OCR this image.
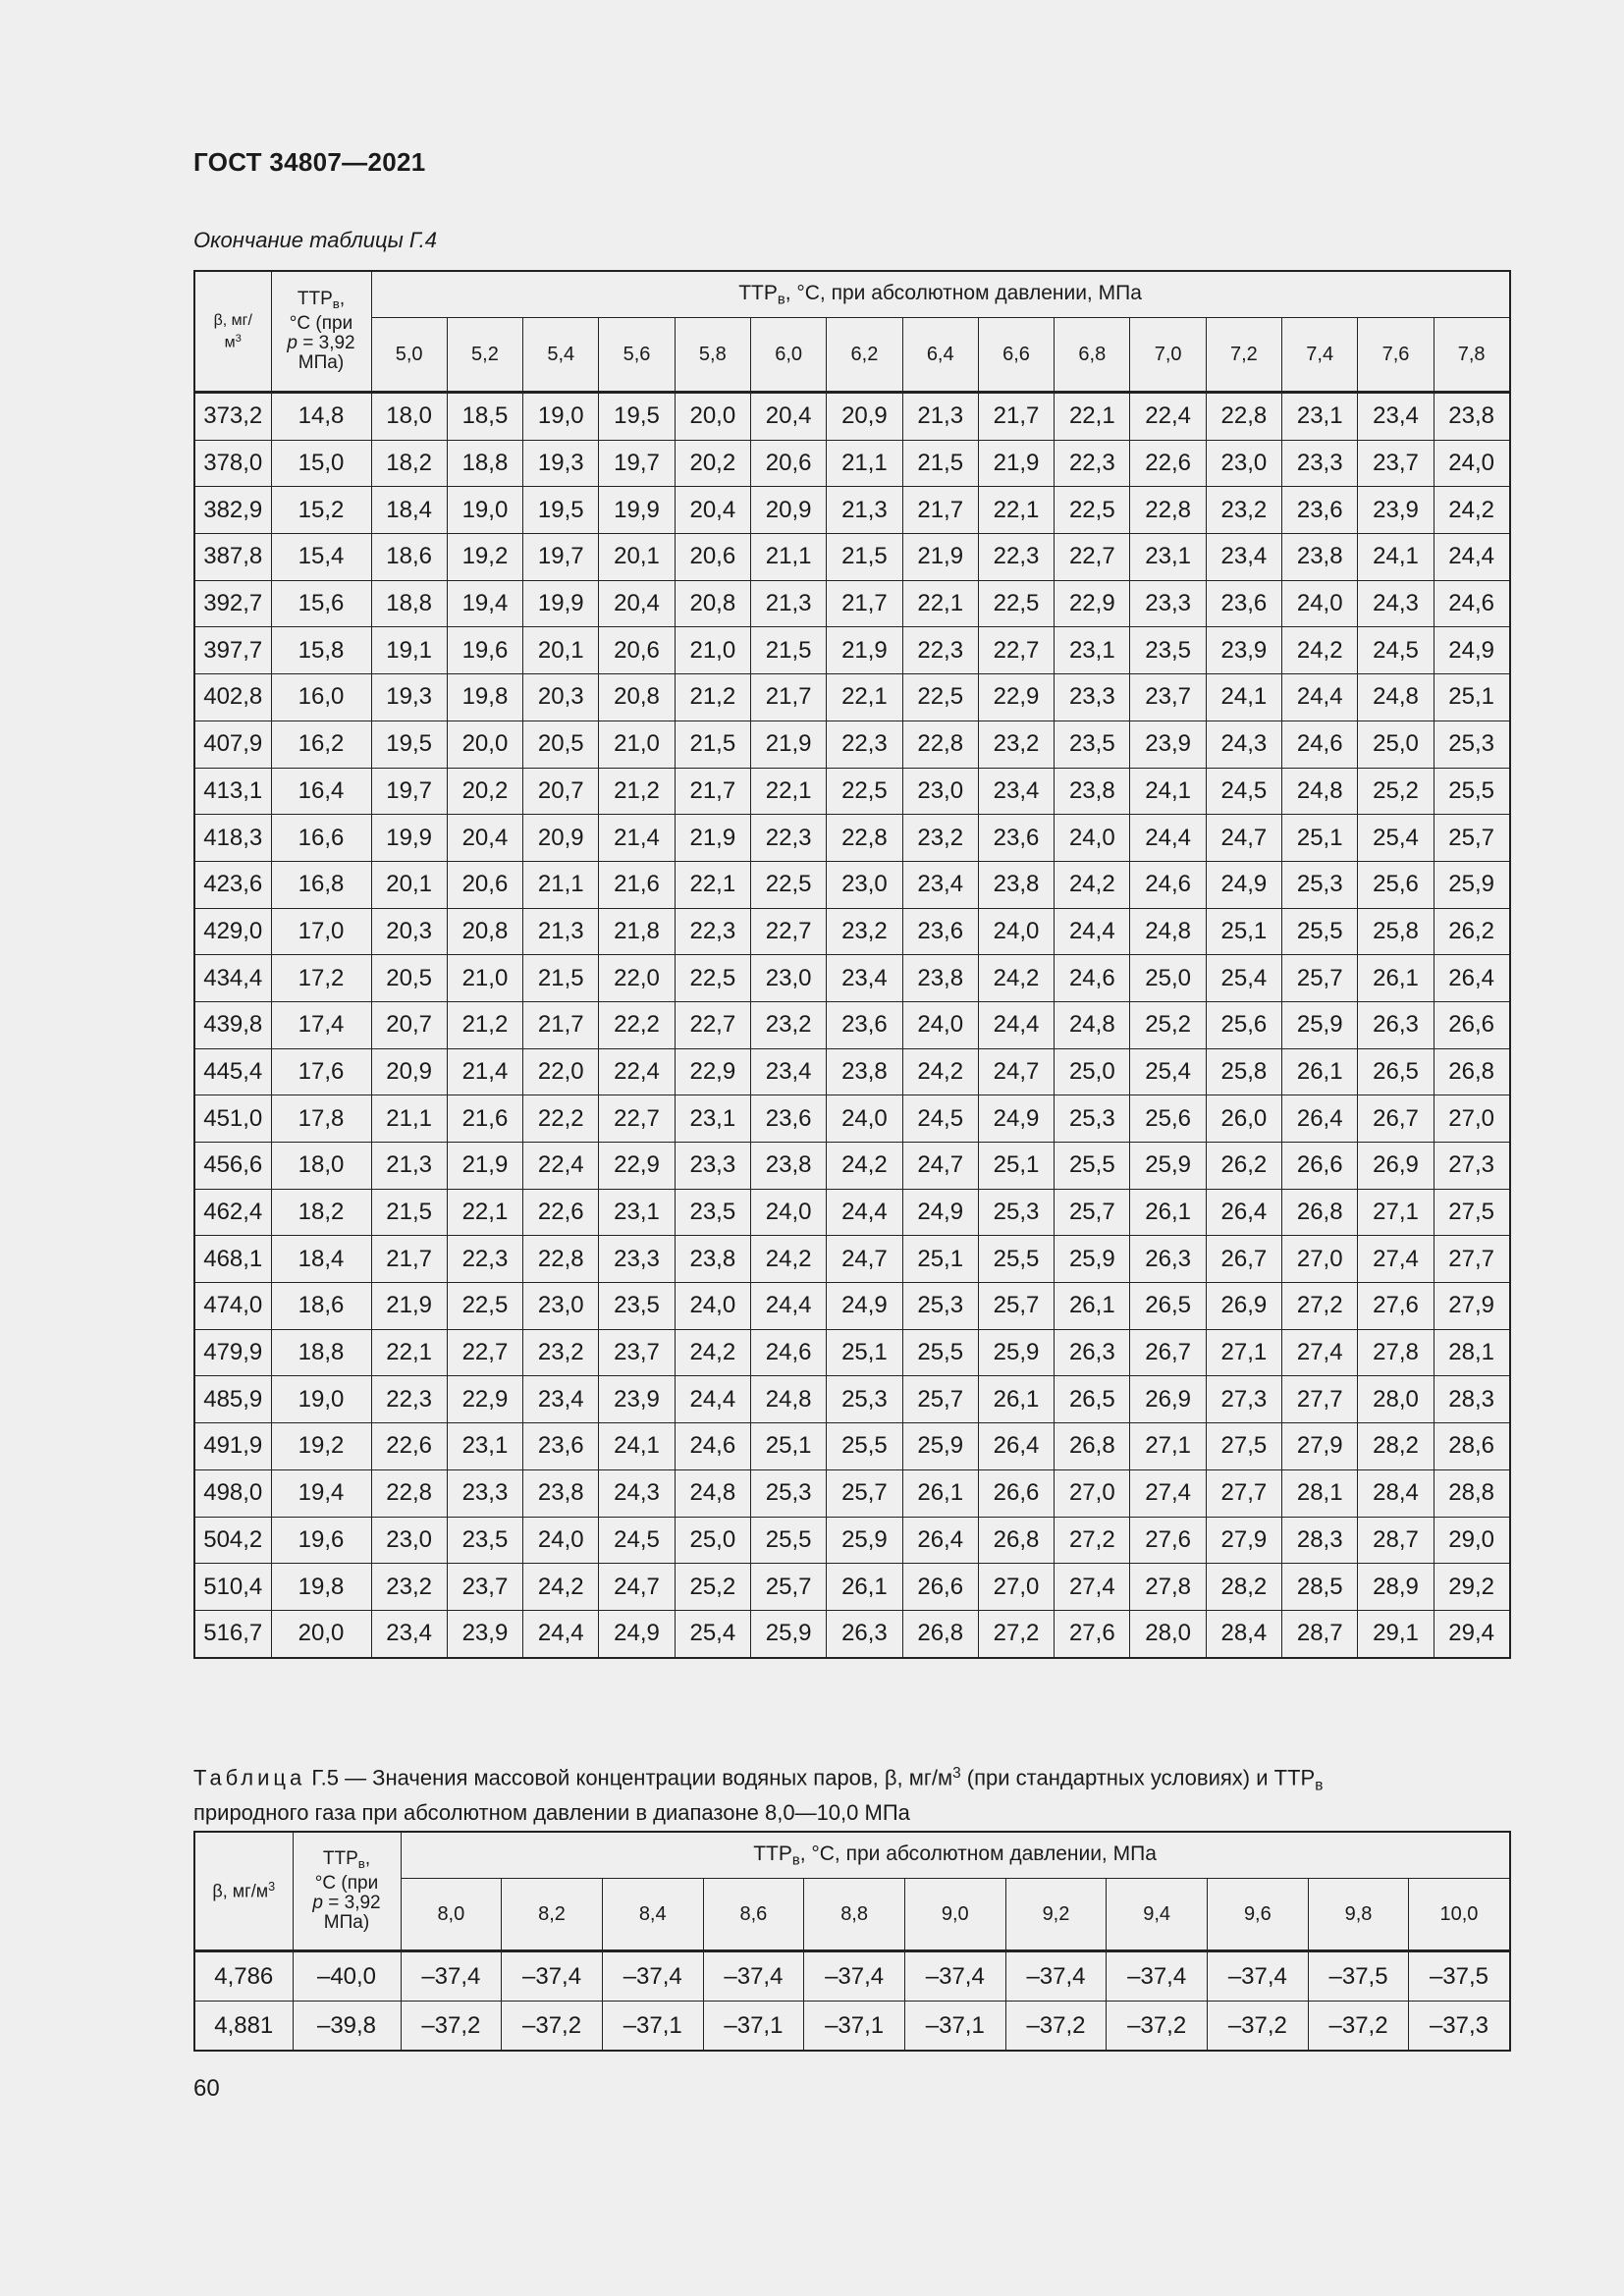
ГОСТ 34807—2021
Окончание таблицы Г.4
β, мг/
$м^3$	$ТТР_в$,
°С (при
p = 3,92
МПа)	$ТТР_в$, °С, при абсолютном давлении, МПа														
		5,0	5,2	5,4	5,6	5,8	6,0	6,2	6,4	6,6	6,8	7,0	7,2	7,4	7,6	7,8
373,2	14,8	18,0	18,5	19,0	19,5	20,0	20,4	20,9	21,3	21,7	22,1	22,4	22,8	23,1	23,4	23,8
378,0	15,0	18,2	18,8	19,3	19,7	20,2	20,6	21,1	21,5	21,9	22,3	22,6	23,0	23,3	23,7	24,0
382,9	15,2	18,4	19,0	19,5	19,9	20,4	20,9	21,3	21,7	22,1	22,5	22,8	23,2	23,6	23,9	24,2
387,8	15,4	18,6	19,2	19,7	20,1	20,6	21,1	21,5	21,9	22,3	22,7	23,1	23,4	23,8	24,1	24,4
392,7	15,6	18,8	19,4	19,9	20,4	20,8	21,3	21,7	22,1	22,5	22,9	23,3	23,6	24,0	24,3	24,6
397,7	15,8	19,1	19,6	20,1	20,6	21,0	21,5	21,9	22,3	22,7	23,1	23,5	23,9	24,2	24,5	24,9
402,8	16,0	19,3	19,8	20,3	20,8	21,2	21,7	22,1	22,5	22,9	23,3	23,7	24,1	24,4	24,8	25,1
407,9	16,2	19,5	20,0	20,5	21,0	21,5	21,9	22,3	22,8	23,2	23,5	23,9	24,3	24,6	25,0	25,3
413,1	16,4	19,7	20,2	20,7	21,2	21,7	22,1	22,5	23,0	23,4	23,8	24,1	24,5	24,8	25,2	25,5
418,3	16,6	19,9	20,4	20,9	21,4	21,9	22,3	22,8	23,2	23,6	24,0	24,4	24,7	25,1	25,4	25,7
423,6	16,8	20,1	20,6	21,1	21,6	22,1	22,5	23,0	23,4	23,8	24,2	24,6	24,9	25,3	25,6	25,9
429,0	17,0	20,3	20,8	21,3	21,8	22,3	22,7	23,2	23,6	24,0	24,4	24,8	25,1	25,5	25,8	26,2
434,4	17,2	20,5	21,0	21,5	22,0	22,5	23,0	23,4	23,8	24,2	24,6	25,0	25,4	25,7	26,1	26,4
439,8	17,4	20,7	21,2	21,7	22,2	22,7	23,2	23,6	24,0	24,4	24,8	25,2	25,6	25,9	26,3	26,6
445,4	17,6	20,9	21,4	22,0	22,4	22,9	23,4	23,8	24,2	24,7	25,0	25,4	25,8	26,1	26,5	26,8
451,0	17,8	21,1	21,6	22,2	22,7	23,1	23,6	24,0	24,5	24,9	25,3	25,6	26,0	26,4	26,7	27,0
456,6	18,0	21,3	21,9	22,4	22,9	23,3	23,8	24,2	24,7	25,1	25,5	25,9	26,2	26,6	26,9	27,3
462,4	18,2	21,5	22,1	22,6	23,1	23,5	24,0	24,4	24,9	25,3	25,7	26,1	26,4	26,8	27,1	27,5
468,1	18,4	21,7	22,3	22,8	23,3	23,8	24,2	24,7	25,1	25,5	25,9	26,3	26,7	27,0	27,4	27,7
474,0	18,6	21,9	22,5	23,0	23,5	24,0	24,4	24,9	25,3	25,7	26,1	26,5	26,9	27,2	27,6	27,9
479,9	18,8	22,1	22,7	23,2	23,7	24,2	24,6	25,1	25,5	25,9	26,3	26,7	27,1	27,4	27,8	28,1
485,9	19,0	22,3	22,9	23,4	23,9	24,4	24,8	25,3	25,7	26,1	26,5	26,9	27,3	27,7	28,0	28,3
491,9	19,2	22,6	23,1	23,6	24,1	24,6	25,1	25,5	25,9	26,4	26,8	27,1	27,5	27,9	28,2	28,6
498,0	19,4	22,8	23,3	23,8	24,3	24,8	25,3	25,7	26,1	26,6	27,0	27,4	27,7	28,1	28,4	28,8
504,2	19,6	23,0	23,5	24,0	24,5	25,0	25,5	25,9	26,4	26,8	27,2	27,6	27,9	28,3	28,7	29,0
510,4	19,8	23,2	23,7	24,2	24,7	25,2	25,7	26,1	26,6	27,0	27,4	27,8	28,2	28,5	28,9	29,2
516,7	20,0	23,4	23,9	24,4	24,9	25,4	25,9	26,3	26,8	27,2	27,6	28,0	28,4	28,7	29,1	29,4
Таблица Г.5 — Значения массовой концентрации водяных паров, β, $мг/м^3$ (при стандартных условиях) и $ТТР_в$
природного газа при абсолютном давлении в диапазоне 8,0—10,0 МПа
β, $мг/м^3$	$ТТР_в$,
°С (при
p = 3,92
МПа)	$ТТР_в$, °С, при абсолютном давлении, МПа										
		8,0	8,2	8,4	8,6	8,8	9,0	9,2	9,4	9,6	9,8	10,0
4,786	–40,0	–37,4	–37,4	–37,4	–37,4	–37,4	–37,4	–37,4	–37,4	–37,4	–37,5	–37,5
4,881	–39,8	–37,2	–37,2	–37,1	–37,1	–37,1	–37,1	–37,2	–37,2	–37,2	–37,2	–37,3
60
